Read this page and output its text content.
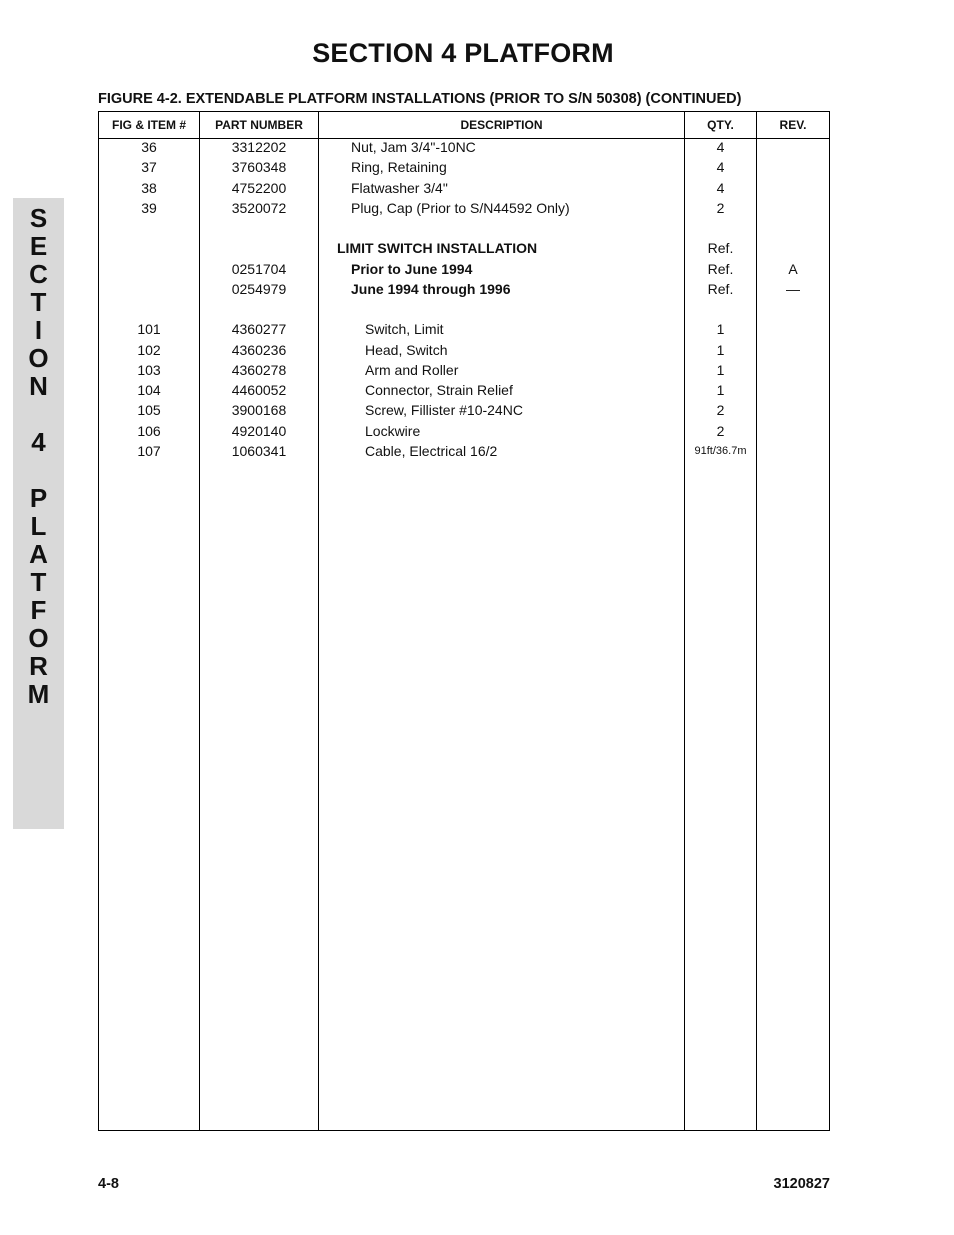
SECTION 4 PLATFORM
S
E
C
T
I
O
N
4
P
L
A
T
F
O
R
M
FIGURE 4-2. EXTENDABLE PLATFORM INSTALLATIONS (PRIOR TO S/N 50308) (CONTINUED)
FIG & ITEM #	PART NUMBER	DESCRIPTION	QTY.	REV.
36	3312202	Nut, Jam 3/4"-10NC	4
37	3760348	Ring, Retaining	4
38	4752200	Flatwasher 3/4"	4
39	3520072	Plug, Cap (Prior to S/N44592 Only)	2
LIMIT SWITCH INSTALLATION	Ref.
0251704	Prior to June 1994	Ref.	A
0254979	June 1994 through 1996	Ref.	—
101	4360277	Switch, Limit	1
102	4360236	Head, Switch	1
103	4360278	Arm and Roller	1
104	4460052	Connector, Strain Relief	1
105	3900168	Screw, Fillister #10-24NC	2
106	4920140	Lockwire	2
107	1060341	Cable, Electrical 16/2	91ft/36.7m
4-8	3120827
